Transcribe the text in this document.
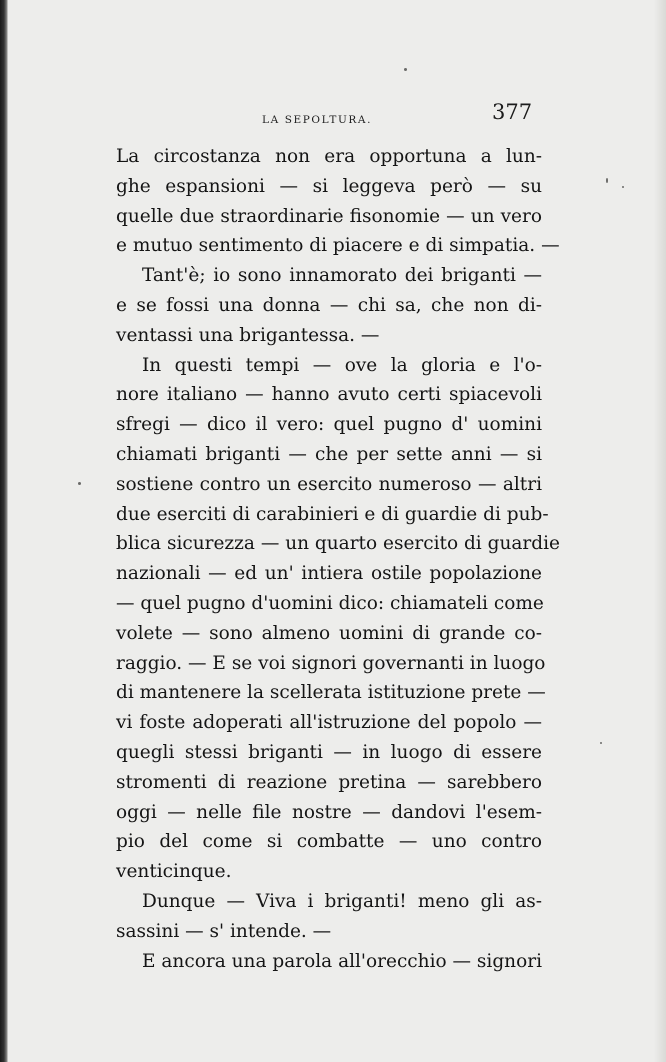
LA SEPOLTURA.	377
La circostanza non era opportuna a lun-
ghe espansioni — si leggeva però — su
quelle due straordinarie fisonomie — un vero
e mutuo sentimento di piacere e di simpatia. —
Tant'è; io sono innamorato dei briganti —
e se fossi una donna — chi sa, che non di-
ventassi una brigantessa. —
In questi tempi — ove la gloria e l'o-
nore italiano — hanno avuto certi spiacevoli
sfregi — dico il vero: quel pugno d' uomini
chiamati briganti — che per sette anni — si
sostiene contro un esercito numeroso — altri
due eserciti di carabinieri e di guardie di pub-
blica sicurezza — un quarto esercito di guardie
nazionali — ed un' intiera ostile popolazione
— quel pugno d'uomini dico: chiamateli come
volete — sono almeno uomini di grande co-
raggio. — E se voi signori governanti in luogo
di mantenere la scellerata istituzione prete —
vi foste adoperati all'istruzione del popolo —
quegli stessi briganti — in luogo di essere
stromenti di reazione pretina — sarebbero
oggi — nelle file nostre — dandovi l'esem-
pio del come si combatte — uno contro
venticinque.
Dunque — Viva i briganti! meno gli as-
sassini — s' intende. —
E ancora una parola all'orecchio — signori
